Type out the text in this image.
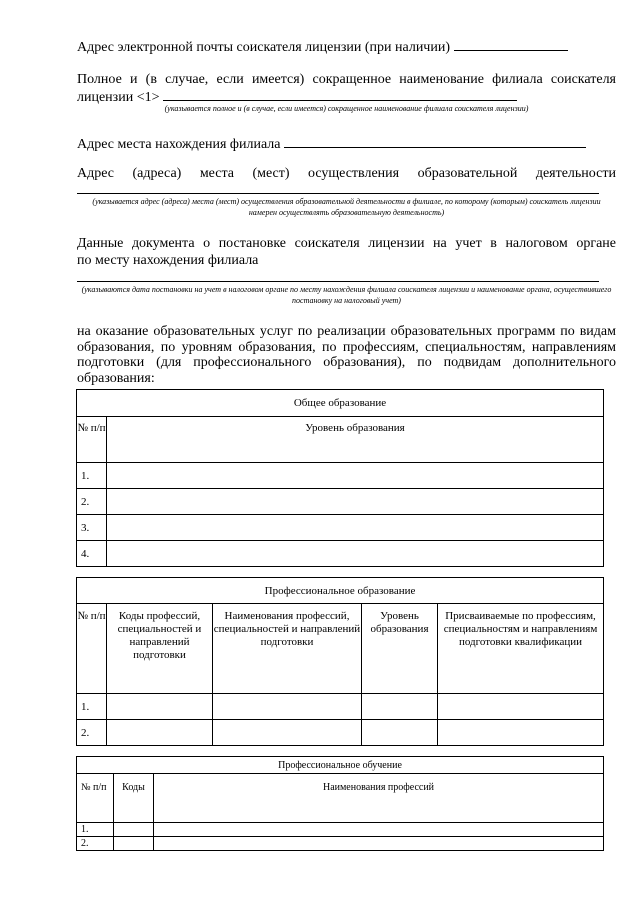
Адрес электронной почты соискателя лицензии (при наличии)
Полное и (в случае, если имеется) сокращенное наименование филиала соискателя
лицензии <1>
(указывается полное и (в случае, если имеется) сокращенное наименование филиала соискателя лицензии)
Адрес места нахождения филиала
Адрес (адреса) места (мест) осуществления образовательной деятельности
(указывается адрес (адреса) места (мест) осуществления образовательной деятельности в филиале, по которому (которым) соискатель лицензии намерен осуществлять образовательную деятельность)
Данные документа о постановке соискателя лицензии на учет в налоговом органе
по месту нахождения филиала
(указываются дата постановки на учет в налоговом органе по месту нахождения филиала соискателя лицензии и наименование органа, осуществившего постановку на налоговый учет)
на оказание образовательных услуг по реализации образовательных программ по видам образования, по уровням образования, по профессиям, специальностям, направлениям подготовки (для профессионального образования), по подвидам дополнительного образования:
Общее образование	
№ п/п	Уровень образования
1.	
2.	
3.	
4.	
Профессиональное образование				
№ п/п	Коды профессий, специальностей и направлений подготовки	Наименования профессий, специальностей и направлений подготовки	Уровень образования	Присваиваемые по профессиям, специальностям и направлениям подготовки квалификации
1.				
2.				
Профессиональное обучение		
№ п/п	Коды	Наименования профессий
1.		
2.		
